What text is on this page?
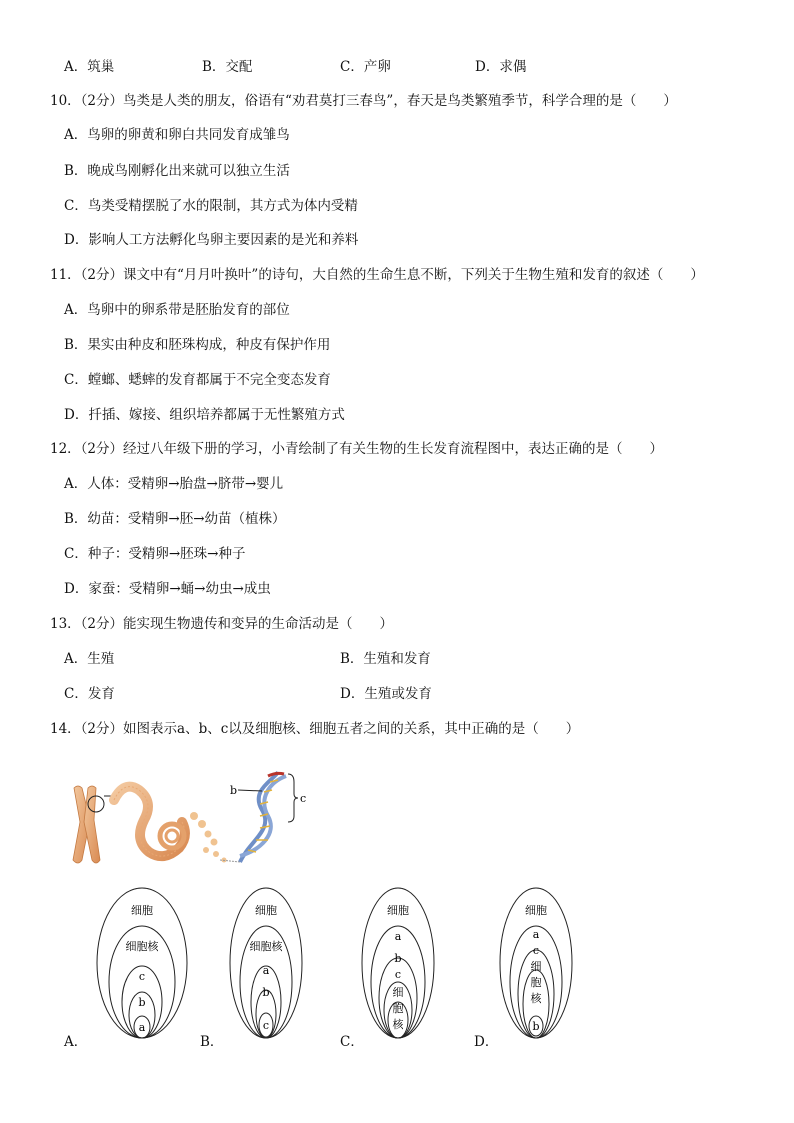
A．筑巢	B．交配	C．产卵	D．求偶
10．（2分）鸟类是人类的朋友，俗语有“劝君莫打三春鸟”，春天是鸟类繁殖季节，科学合理的是（　　）
A．鸟卵的卵黄和卵白共同发育成雏鸟
B．晚成鸟刚孵化出来就可以独立生活
C．鸟类受精摆脱了水的限制，其方式为体内受精
D．影响人工方法孵化鸟卵主要因素的是光和养料
11．（2分）课文中有“月月叶换叶”的诗句，大自然的生命生息不断，下列关于生物生殖和发育的叙述（　　）
A．鸟卵中的卵系带是胚胎发育的部位
B．果实由种皮和胚珠构成，种皮有保护作用
C．螳螂、蟋蟀的发育都属于不完全变态发育
D．扦插、嫁接、组织培养都属于无性繁殖方式
12．（2分）经过八年级下册的学习，小青绘制了有关生物的生长发育流程图中，表达正确的是（　　）
A．人体：受精卵→胎盘→脐带→婴儿
B．幼苗：受精卵→胚→幼苗（植株）
C．种子：受精卵→胚珠→种子
D．家蚕：受精卵→蛹→幼虫→成虫
13．（2分）能实现生物遗传和变异的生命活动是（　　）
A．生殖	B．生殖和发育
C．发育	D．生殖或发育
14．（2分）如图表示a、b、c以及细胞核、细胞五者之间的关系，其中正确的是（　　）
a	b
c
细胞
细胞核
c
b
a
细胞
细胞核
a
b
c
细胞
a
b
c
细
胞
核
细胞
a
c
细
胞
核
b
A．	B．	C．	D．
